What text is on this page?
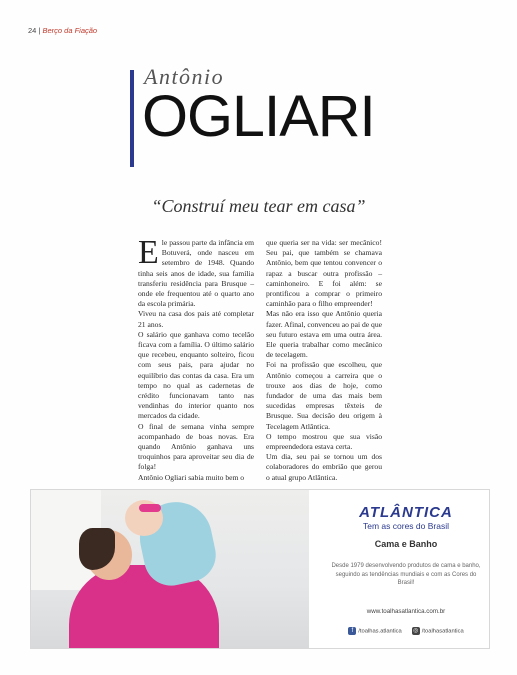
24 | Berço da Fiação
Antônio
OGLIARI
“Construí meu tear em casa”

Ele passou parte da infância em Botuverá, onde nasceu em setembro de 1948. Quando tinha seis anos de idade, sua família transferiu residência para Brusque – onde ele frequentou até o quarto ano da escola primária.

Viveu na casa dos pais até completar 21 anos.

O salário que ganhava como tecelão ficava com a família. O último salário que recebeu, enquanto solteiro, ficou com seus pais, para ajudar no equilíbrio das contas da casa. Era um tempo no qual as cadernetas de crédito funcionavam tanto nas vendinhas do interior quanto nos mercados da cidade.

O final de semana vinha sempre acompanhado de boas novas. Era quando Antônio ganhava uns troquinhos para aproveitar seu dia de folga!

Antônio Ogliari sabia muito bem o

que queria ser na vida: ser mecânico! Seu pai, que também se chamava Antônio, bem que tentou convencer o rapaz a buscar outra profissão – caminhoneiro. E foi além: se prontificou a comprar o primeiro caminhão para o filho empreender!

Mas não era isso que Antônio queria fazer. Afinal, convenceu ao pai de que seu futuro estava em uma outra área. Ele queria trabalhar como mecânico de tecelagem.

Foi na profissão que escolheu, que Antônio começou a carreira que o trouxe aos dias de hoje, como fundador de uma das mais bem sucedidas empresas têxteis de Brusque. Sua decisão deu origem à Tecelagem Atlântica.

O tempo mostrou que sua visão empreendedora estava certa.

Um dia, seu pai se tornou um dos colaboradores do embrião que gerou o atual grupo Atlântica.

ATLÂNTICA
Tem as cores do Brasil
Cama e Banho
Desde 1979 desenvolvendo produtos de cama e banho, seguindo as tendências mundiais e com as Cores do Brasil!
www.toalhasatlantica.com.br
f /toalhas.atlantica ◎ /toalhasatlantica
